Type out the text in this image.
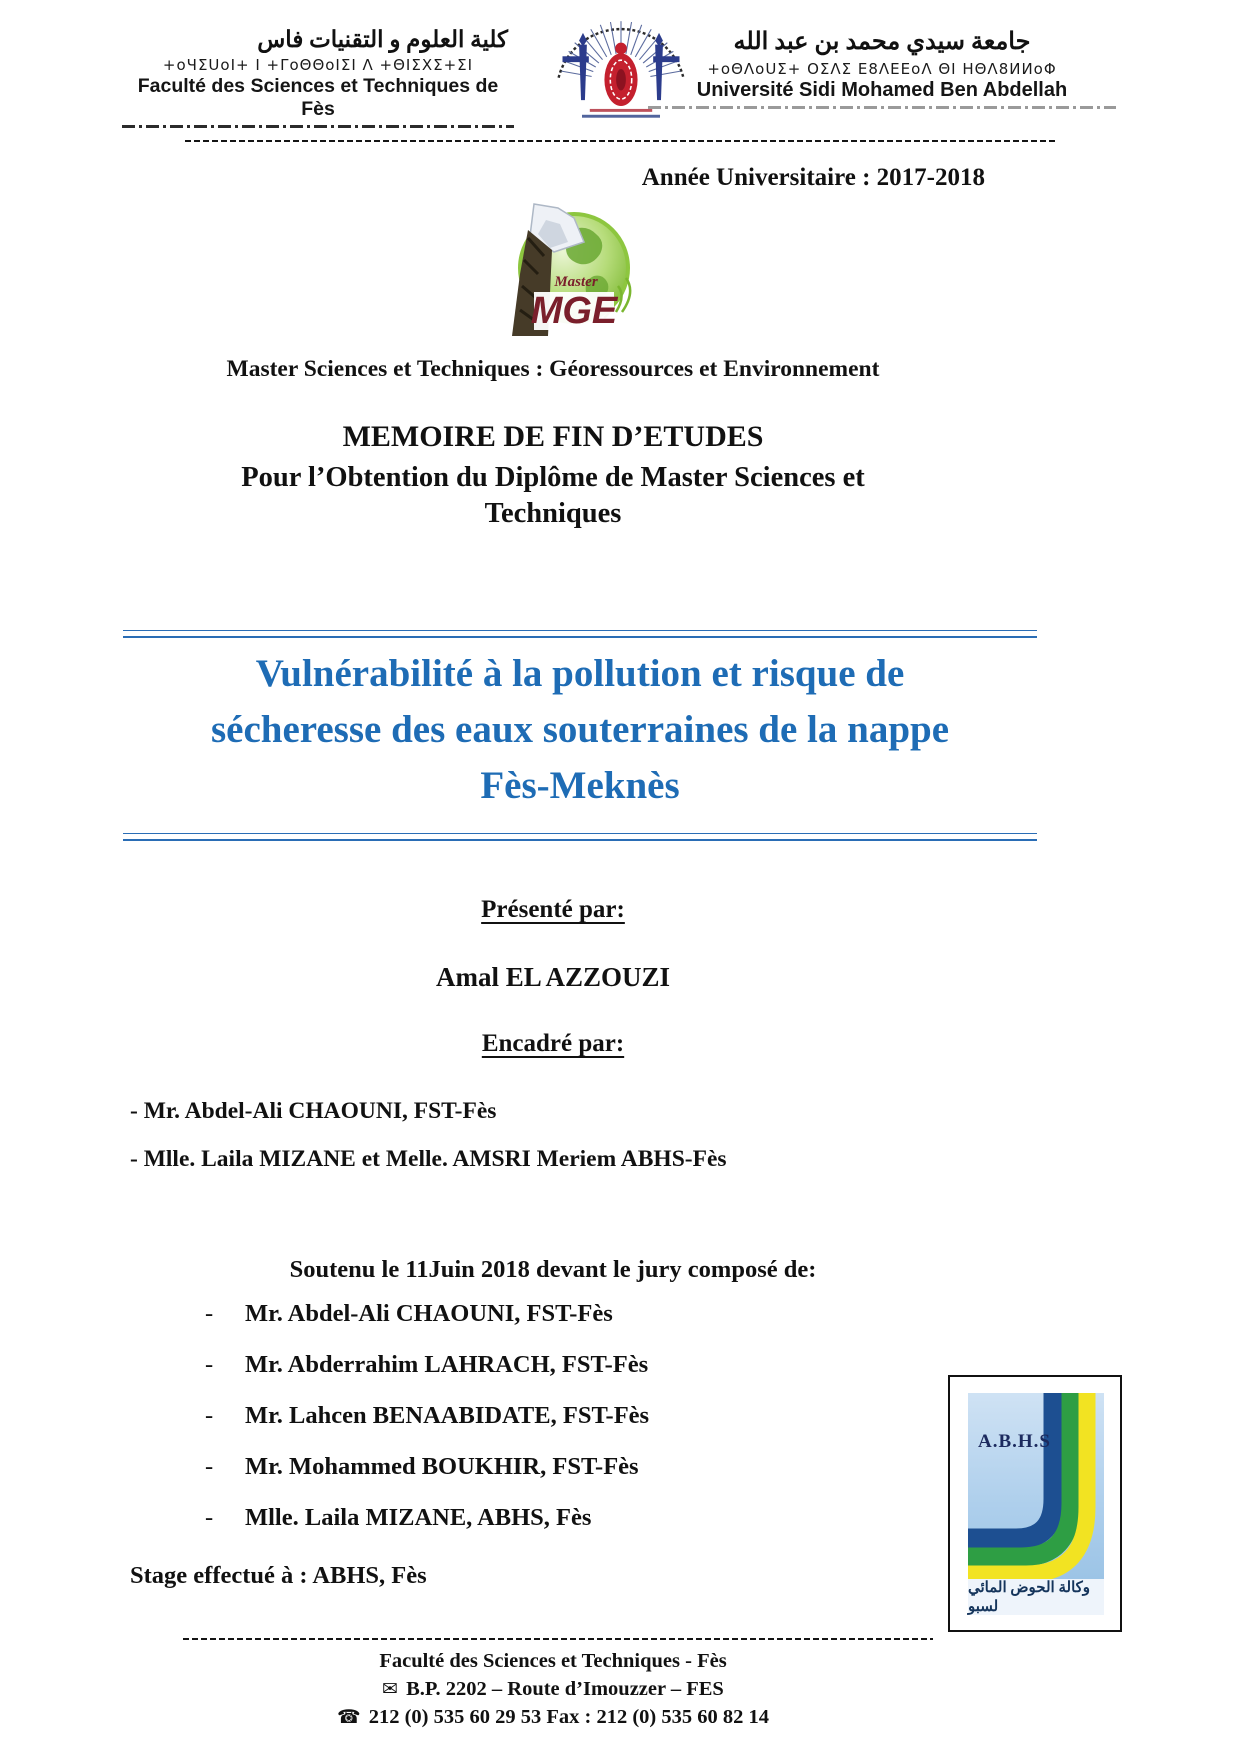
كلية العلوم و التقنيات فاس
+oЧΣUoI+ I +ΓoΘΘoIΣI Λ +ΘIΣXΣ+ΣI
Faculté des Sciences et Techniques de Fès
جامعة سيدي محمد بن عبد الله
+oΘΛoUΣ+ OΣΛΣ Ε8ΛΕΕoΛ ΘΙ ΗΘΛ8ИИoΦ
Université Sidi Mohamed Ben Abdellah
Année Universitaire : 2017-2018
Master
MGE
Master Sciences et Techniques : Géoressources et Environnement
MEMOIRE DE FIN D’ETUDES
Pour l’Obtention du Diplôme de Master Sciences et
Techniques
Vulnérabilité à la pollution et risque de
sécheresse des eaux souterraines de la nappe
Fès-Meknès
Présenté par:
Amal EL AZZOUZI
Encadré par:
- Mr. Abdel-Ali CHAOUNI, FST-Fès
- Mlle. Laila MIZANE et Melle. AMSRI Meriem ABHS-Fès
Soutenu le 11Juin 2018 devant le jury composé de:
-	Mr. Abdel-Ali CHAOUNI, FST-Fès
-	Mr. Abderrahim LAHRACH, FST-Fès
-	Mr. Lahcen BENAABIDATE, FST-Fès
-	Mr. Mohammed BOUKHIR, FST-Fès
-	Mlle. Laila MIZANE, ABHS, Fès
Stage effectué à : ABHS, Fès
A.B.H.S
وكالة الحوض المائي لسبو
Faculté des Sciences et Techniques - Fès
✉ B.P. 2202 – Route d’Imouzzer – FES
☎ 212 (0) 535 60 29 53 Fax : 212 (0) 535 60 82 14
